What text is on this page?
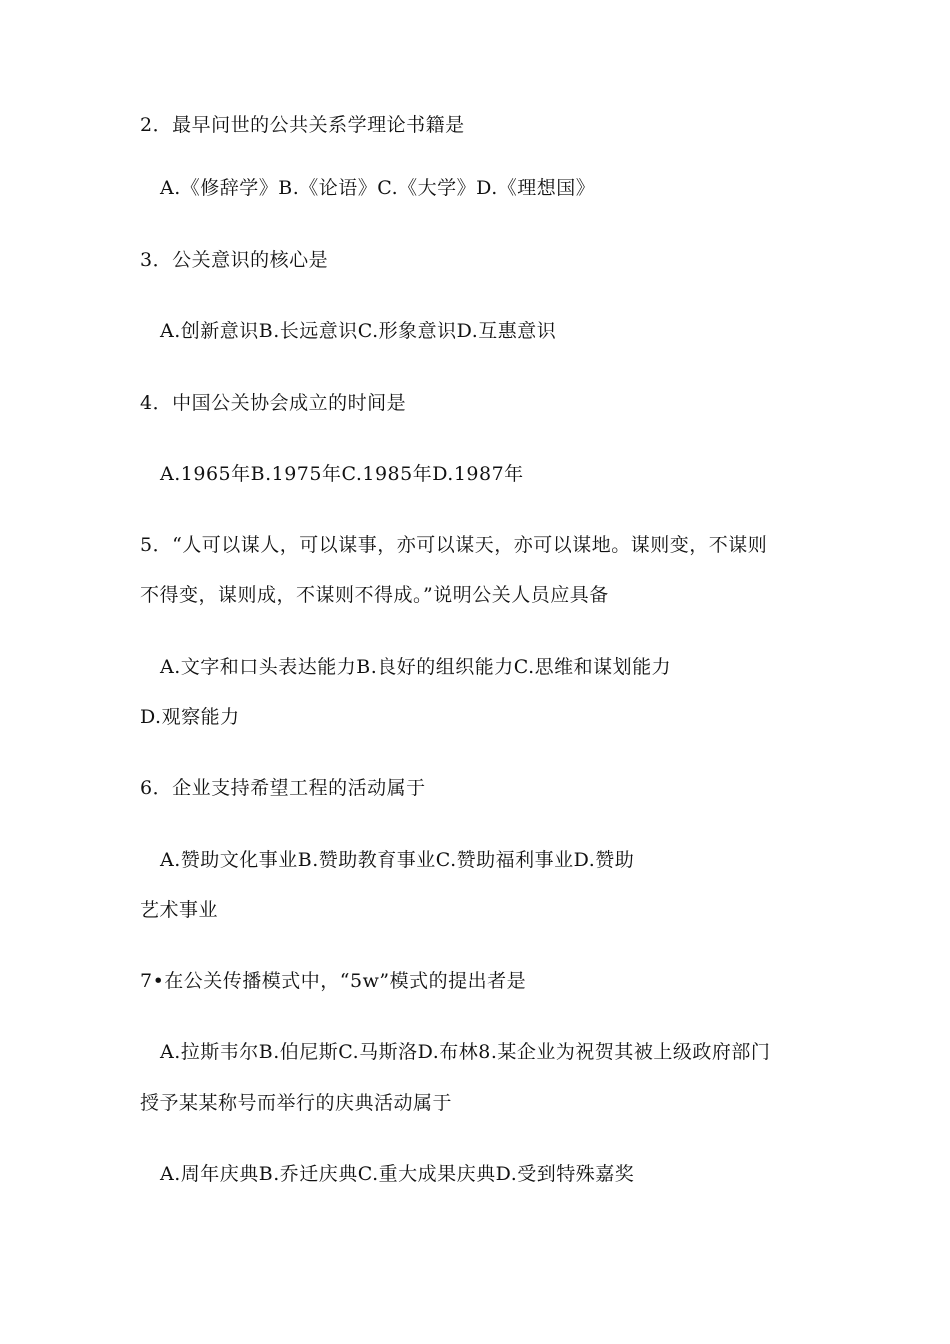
2．最早问世的公共关系学理论书籍是
A.《修辞学》B.《论语》C.《大学》D.《理想国》
3．公关意识的核心是
A.创新意识B.长远意识C.形象意识D.互惠意识
4．中国公关协会成立的时间是
A.1965年B.1975年C.1985年D.1987年
5．“人可以谋人，可以谋事，亦可以谋天，亦可以谋地。谋则变，不谋则
不得变，谋则成，不谋则不得成。”说明公关人员应具备
A.文字和口头表达能力B.良好的组织能力C.思维和谋划能力
D.观察能力
6．企业支持希望工程的活动属于
A.赞助文化事业B.赞助教育事业C.赞助福利事业D.赞助
艺术事业
7•在公关传播模式中，“5w”模式的提出者是
A.拉斯韦尔B.伯尼斯C.马斯洛D.布林8.某企业为祝贺其被上级政府部门
授予某某称号而举行的庆典活动属于
A.周年庆典B.乔迁庆典C.重大成果庆典D.受到特殊嘉奖
